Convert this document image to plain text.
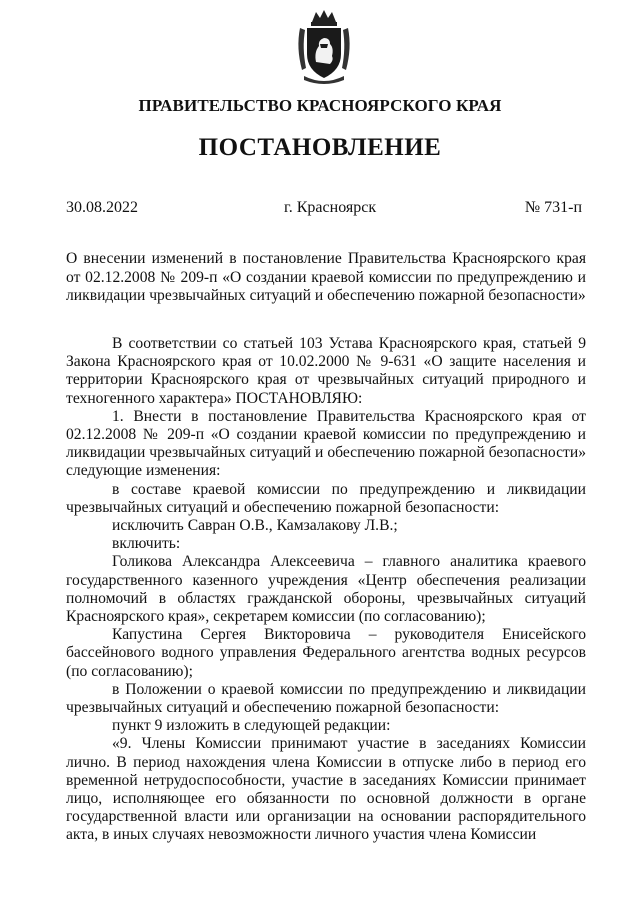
ПРАВИТЕЛЬСТВО КРАСНОЯРСКОГО КРАЯ
ПОСТАНОВЛЕНИЕ
30.08.2022	г. Красноярск	№ 731-п
О внесении изменений в постановление Правительства Красноярского края от 02.12.2008 № 209-п «О создании краевой комиссии по предупреждению и ликвидации чрезвычайных ситуаций и обеспечению пожарной безопасности»

В соответствии со статьей 103 Устава Красноярского края, статьей 9 Закона Красноярского края от 10.02.2000 № 9-631 «О защите населения и территории Красноярского края от чрезвычайных ситуаций природного и техногенного характера» ПОСТАНОВЛЯЮ:

1. Внести в постановление Правительства Красноярского края от 02.12.2008 № 209-п «О создании краевой комиссии по предупреждению и ликвидации чрезвычайных ситуаций и обеспечению пожарной безопасности» следующие изменения:

в составе краевой комиссии по предупреждению и ликвидации чрезвычайных ситуаций и обеспечению пожарной безопасности:

исключить Савран О.В., Камзалакову Л.В.;

включить:

Голикова Александра Алексеевича – главного аналитика краевого государственного казенного учреждения «Центр обеспечения реализации полномочий в областях гражданской обороны, чрезвычайных ситуаций Красноярского края», секретарем комиссии (по согласованию);

Капустина Сергея Викторовича – руководителя Енисейского бассейнового водного управления Федерального агентства водных ресурсов (по согласованию);

в Положении о краевой комиссии по предупреждению и ликвидации чрезвычайных ситуаций и обеспечению пожарной безопасности:

пункт 9 изложить в следующей редакции:

«9. Члены Комиссии принимают участие в заседаниях Комиссии лично. В период нахождения члена Комиссии в отпуске либо в период его временной нетрудоспособности, участие в заседаниях Комиссии принимает лицо, исполняющее его обязанности по основной должности в органе государственной власти или организации на основании распорядительного акта, в иных случаях невозможности личного участия члена Комиссии
